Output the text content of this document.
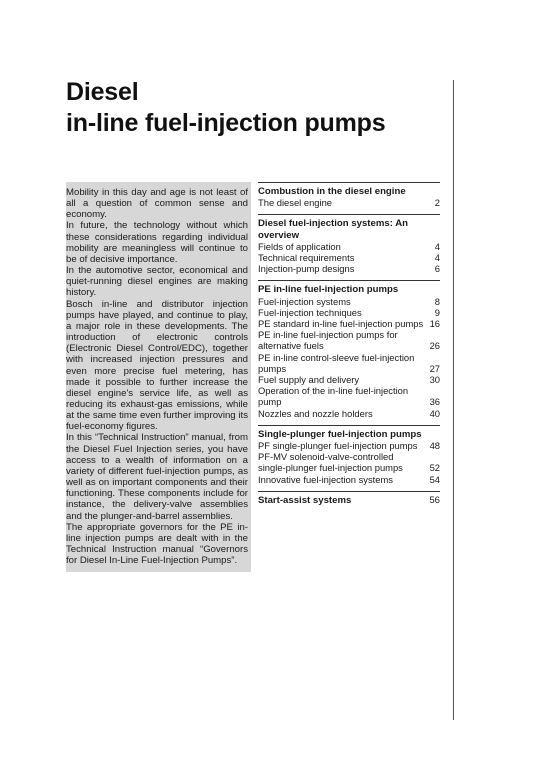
Diesel
in-line fuel-injection pumps

Mobility in this day and age is not least of all a question of common sense and economy.

In future, the technology without which these considerations regarding individual mobility are meaningless will continue to be of decisive importance.

In the automotive sector, economical and quiet-running diesel engines are making history.

Bosch in-line and distributor injection pumps have played, and continue to play, a major role in these developments. The introduction of electronic controls (Electronic Diesel Control/EDC), together with increased injection pressures and even more precise fuel metering, has made it possible to further increase the diesel engine's service life, as well as reducing its exhaust-gas emissions, while at the same time even further improving its fuel-economy figures.

In this “Technical Instruction” manual, from the Diesel Fuel Injection series, you have access to a wealth of information on a variety of different fuel-injection pumps, as well as on important components and their functioning. These components include for instance, the delivery-valve assemblies and the plunger-and-barrel assemblies.

The appropriate governors for the PE in-line injection pumps are dealt with in the Technical Instruction manual “Governors for Diesel In-Line Fuel-Injection Pumps”.

Combustion in the diesel engine
The diesel engine	2
Diesel fuel-injection systems: An overview
Fields of application	4
Technical requirements	4
Injection-pump designs	6
PE in-line fuel-injection pumps
Fuel-injection systems	8
Fuel-injection techniques	9
PE standard in-line fuel-injection pumps 16
PE in-line fuel-injection pumps for alternative fuels	26
PE in-line control-sleeve fuel-injection pumps	27
Fuel supply and delivery	30
Operation of the in-line fuel-injection pump	36
Nozzles and nozzle holders	40
Single-plunger fuel-injection pumps
PF single-plunger fuel-injection pumps	48
PF-MV solenoid-valve-controlled single-plunger fuel-injection pumps	52
Innovative fuel-injection systems	54
Start-assist systems	56
